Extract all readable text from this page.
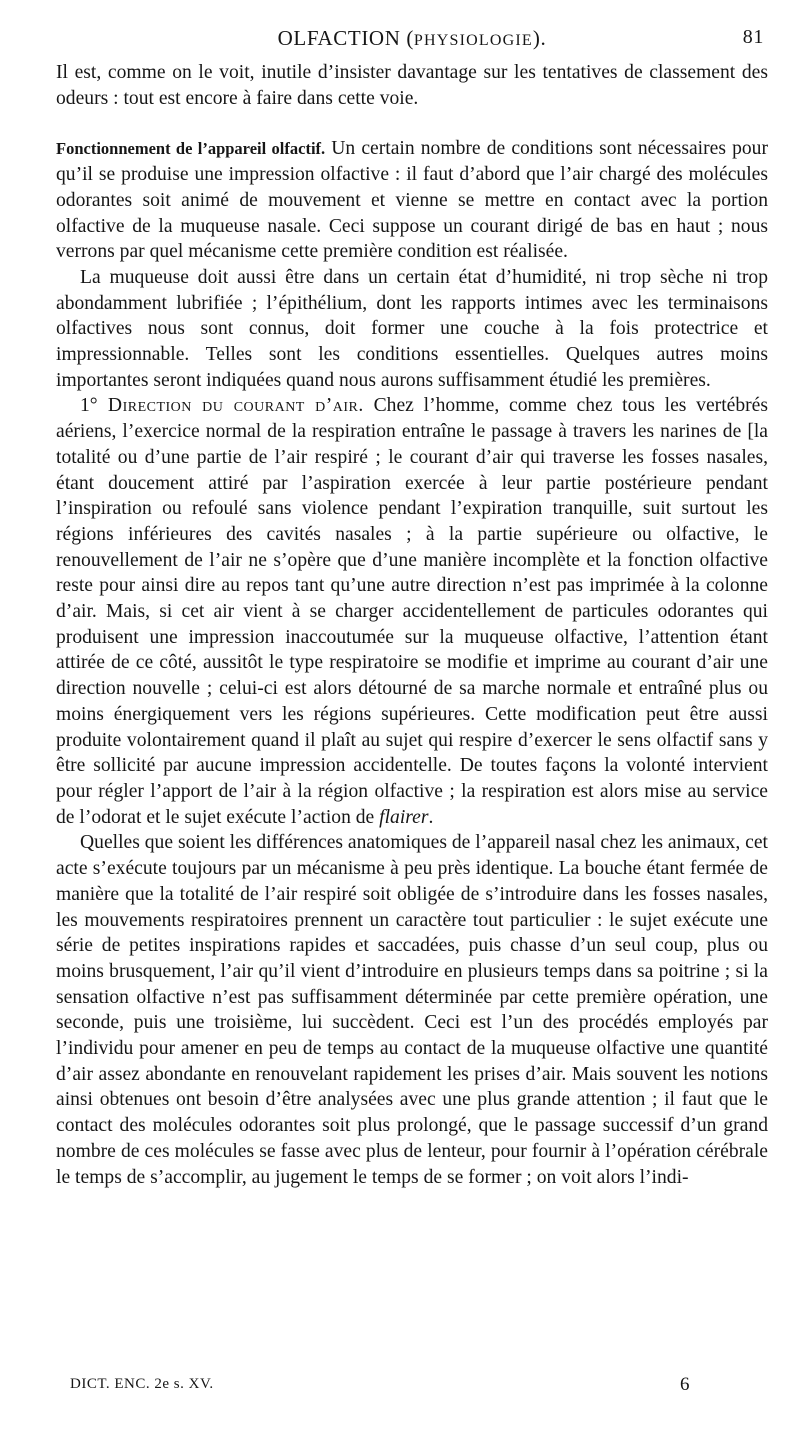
OLFACTION (PHYSIOLOGIE).	81

Il est, comme on le voit, inutile d’insister davantage sur les tentatives de classement des odeurs : tout est encore à faire dans cette voie.

Fonctionnement de l’appareil olfactif. Un certain nombre de conditions sont nécessaires pour qu’il se produise une impression olfactive : il faut d’abord que l’air chargé des molécules odorantes soit animé de mouvement et vienne se mettre en contact avec la portion olfactive de la muqueuse nasale. Ceci suppose un courant dirigé de bas en haut ; nous verrons par quel mécanisme cette première condition est réalisée.

La muqueuse doit aussi être dans un certain état d’humidité, ni trop sèche ni trop abondamment lubrifiée ; l’épithélium, dont les rapports intimes avec les terminaisons olfactives nous sont connus, doit former une couche à la fois protectrice et impressionnable. Telles sont les conditions essentielles. Quelques autres moins importantes seront indiquées quand nous aurons suffisamment étudié les premières.

1° Direction du courant d’air. Chez l’homme, comme chez tous les vertébrés aériens, l’exercice normal de la respiration entraîne le passage à travers les narines de [la totalité ou d’une partie de l’air respiré ; le courant d’air qui traverse les fosses nasales, étant doucement attiré par l’aspiration exercée à leur partie postérieure pendant l’inspiration ou refoulé sans violence pendant l’expiration tranquille, suit surtout les régions inférieures des cavités nasales ; à la partie supérieure ou olfactive, le renouvellement de l’air ne s’opère que d’une manière incomplète et la fonction olfactive reste pour ainsi dire au repos tant qu’une autre direction n’est pas imprimée à la colonne d’air. Mais, si cet air vient à se charger accidentellement de particules odorantes qui produisent une impression inaccoutumée sur la muqueuse olfactive, l’attention étant attirée de ce côté, aussitôt le type respiratoire se modifie et imprime au courant d’air une direction nouvelle ; celui-ci est alors détourné de sa marche normale et entraîné plus ou moins énergiquement vers les régions supérieures. Cette modification peut être aussi produite volontairement quand il plaît au sujet qui respire d’exercer le sens olfactif sans y être sollicité par aucune impression accidentelle. De toutes façons la volonté intervient pour régler l’apport de l’air à la région olfactive ; la respiration est alors mise au service de l’odorat et le sujet exécute l’action de flairer.

Quelles que soient les différences anatomiques de l’appareil nasal chez les animaux, cet acte s’exécute toujours par un mécanisme à peu près identique. La bouche étant fermée de manière que la totalité de l’air respiré soit obligée de s’introduire dans les fosses nasales, les mouvements respiratoires prennent un caractère tout particulier : le sujet exécute une série de petites inspirations rapides et saccadées, puis chasse d’un seul coup, plus ou moins brusquement, l’air qu’il vient d’introduire en plusieurs temps dans sa poitrine ; si la sensation olfactive n’est pas suffisamment déterminée par cette première opération, une seconde, puis une troisième, lui succèdent. Ceci est l’un des procédés employés par l’individu pour amener en peu de temps au contact de la muqueuse olfactive une quantité d’air assez abondante en renouvelant rapidement les prises d’air. Mais souvent les notions ainsi obtenues ont besoin d’être analysées avec une plus grande attention ; il faut que le contact des molécules odorantes soit plus prolongé, que le passage successif d’un grand nombre de ces molécules se fasse avec plus de lenteur, pour fournir à l’opération cérébrale le temps de s’accomplir, au jugement le temps de se former ; on voit alors l’indi-

DICT. ENC. 2e s. XV.	6
